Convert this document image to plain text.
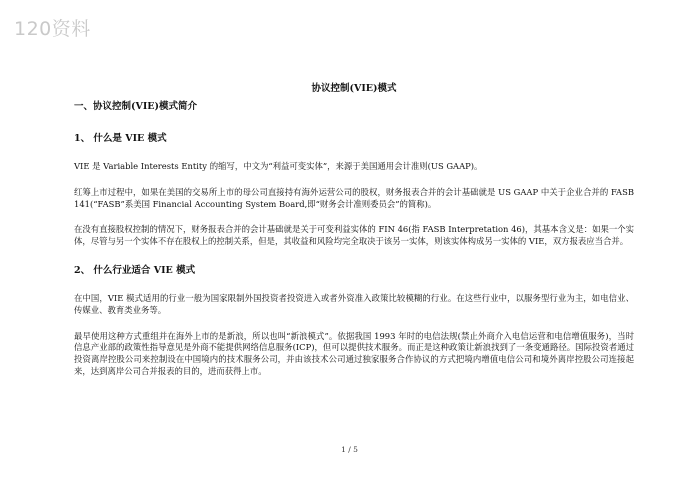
120资料
协议控制(VIE)模式
一、协议控制(VIE)模式简介
1、 什么是 VIE 模式

VIE 是 Variable Interests Entity 的缩写，中文为“利益可变实体”，来源于美国通用会计准则(US GAAP)。

红筹上市过程中，如果在美国的交易所上市的母公司直接持有海外运营公司的股权，财务报表合并的会计基础就是 US GAAP 中关于企业合并的 FASB 141(“FASB”系美国 Financial Accounting System Board,即“财务会计准则委员会”的简称)。

在没有直接股权控制的情况下，财务报表合并的会计基础就是关于可变利益实体的 FIN 46(指 FASB Interpretation 46)，其基本含义是：如果一个实体，尽管与另一个实体不存在股权上的控制关系，但是，其收益和风险均完全取决于该另一实体，则该实体构成另一实体的 VIE，双方报表应当合并。

2、 什么行业适合 VIE 模式

在中国，VIE 模式适用的行业一般为国家限制外国投资者投资进入或者外资准入政策比较模糊的行业。在这些行业中，以服务型行业为主，如电信业、传媒业、教育类业务等。

最早使用这种方式重组并在海外上市的是新浪，所以也叫“新浪模式”。依据我国 1993 年时的电信法规(禁止外商介入电信运营和电信增值服务)，当时信息产业部的政策性指导意见是外商不能提供网络信息服务(ICP)，但可以提供技术服务。而正是这种政策让新浪找到了一条变通路径。国际投资者通过投资离岸控股公司来控制设在中国境内的技术服务公司，并由该技术公司通过独家服务合作协议的方式把境内增值电信公司和境外离岸控股公司连接起来，达到离岸公司合并报表的目的，进而获得上市。

1 / 5
